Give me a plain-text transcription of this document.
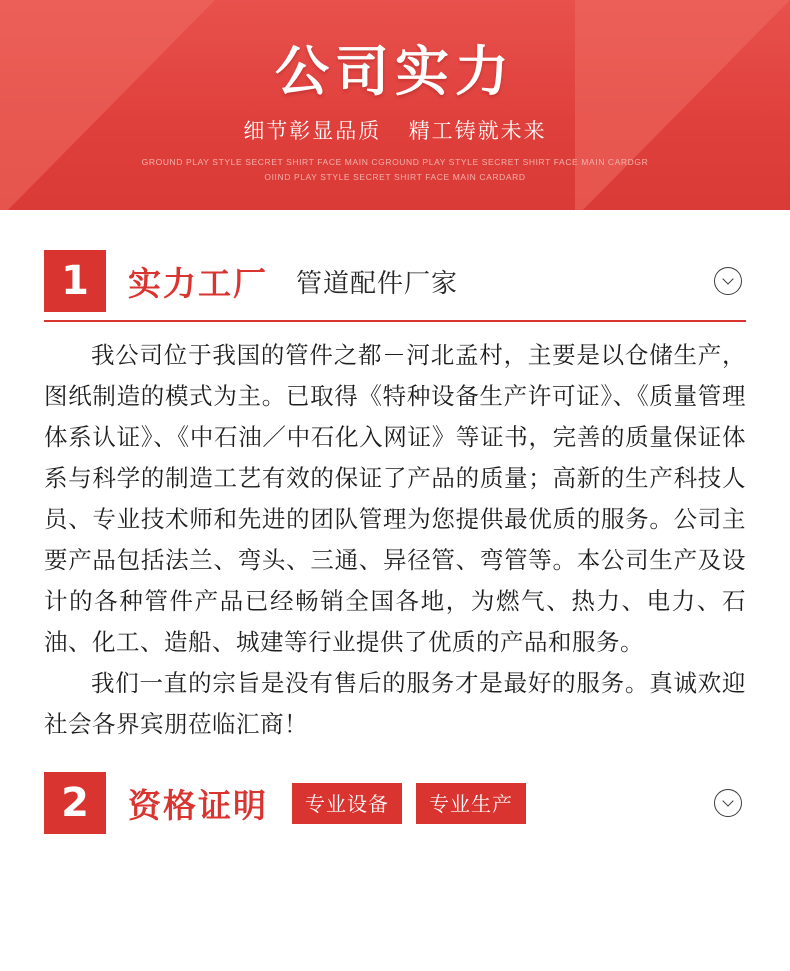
公司实力
细节彰显品质 精工铸就未来
GROUND PLAY STYLE SECRET SHIRT FACE MAIN CGROUND PLAY STYLE SECRET SHIRT FACE MAIN CARDGR
OIIND PLAY STYLE SECRET SHIRT FACE MAIN CARDARD
1	实力工厂 管道配件厂家

我公司位于我国的管件之都－河北孟村，主要是以仓储生产，图纸制造的模式为主。已取得《特种设备生产许可证》、《质量管理体系认证》、《中石油／中石化入网证》等证书，完善的质量保证体系与科学的制造工艺有效的保证了产品的质量；高新的生产科技人员、专业技术师和先进的团队管理为您提供最优质的服务。公司主要产品包括法兰、弯头、三通、异径管、弯管等。本公司生产及设计的各种管件产品已经畅销全国各地，为燃气、热力、电力、石油、化工、造船、城建等行业提供了优质的产品和服务。

我们一直的宗旨是没有售后的服务才是最好的服务。真诚欢迎社会各界宾朋莅临汇商！

2	资格证明	专业设备	专业生产
